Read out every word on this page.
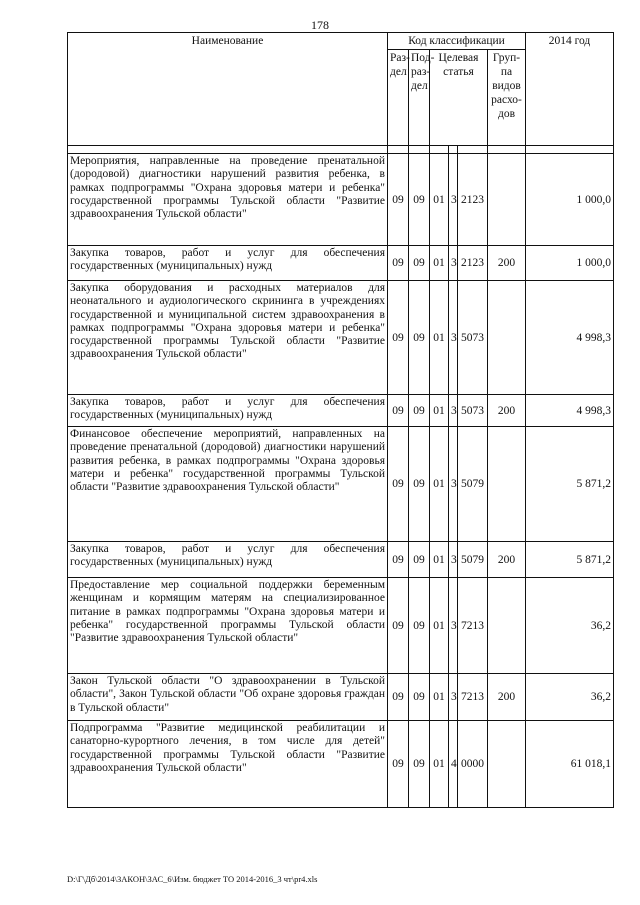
178
Наименование	Код классификации						2014 год
	Раз- дел	Под- раз- дел	Целевая статья			Груп- па видов расхо- дов	

Мероприятия, направленные на проведение пренатальной (дородовой) диагностики нарушений развития ребенка, в рамках подпрограммы "Охрана здоровья матери и ребенка" государственной программы Тульской области "Развитие здравоохранения Тульской области"	09	09	01	3	2123		1 000,0
Закупка товаров, работ и услуг для обеспечения государственных (муниципальных) нужд	09	09	01	3	2123	200	1 000,0
Закупка оборудования и расходных материалов для неонатального и аудиологического скрининга в учреждениях государственной и муниципальной систем здравоохранения в рамках подпрограммы "Охрана здоровья матери и ребенка" государственной программы Тульской области "Развитие здравоохранения Тульской области"	09	09	01	3	5073		4 998,3
Закупка товаров, работ и услуг для обеспечения государственных (муниципальных) нужд	09	09	01	3	5073	200	4 998,3
Финансовое обеспечение мероприятий, направленных на проведение пренатальной (дородовой) диагностики нарушений развития ребенка, в рамках подпрограммы "Охрана здоровья матери и ребенка" государственной программы Тульской области "Развитие здравоохранения Тульской области"	09	09	01	3	5079		5 871,2
Закупка товаров, работ и услуг для обеспечения государственных (муниципальных) нужд	09	09	01	3	5079	200	5 871,2
Предоставление мер социальной поддержки беременным женщинам и кормящим матерям на специализированное питание в рамках подпрограммы "Охрана здоровья матери и ребенка" государственной программы Тульской области "Развитие здравоохранения Тульской области"	09	09	01	3	7213		36,2
Закон Тульской области "О здравоохранении в Тульской области", Закон Тульской области "Об охране здоровья граждан в Тульской области"	09	09	01	3	7213	200	36,2
Подпрограмма "Развитие медицинской реабилитации и санаторно-курортного лечения, в том числе для детей" государственной программы Тульской области "Развитие здравоохранения Тульской области"	09	09	01	4	0000		61 018,1
D:\Г\Дб\2014\ЗАКОН\ЗАС_6\Изм. бюджет ТО 2014-2016_3 чт\pr4.xls
